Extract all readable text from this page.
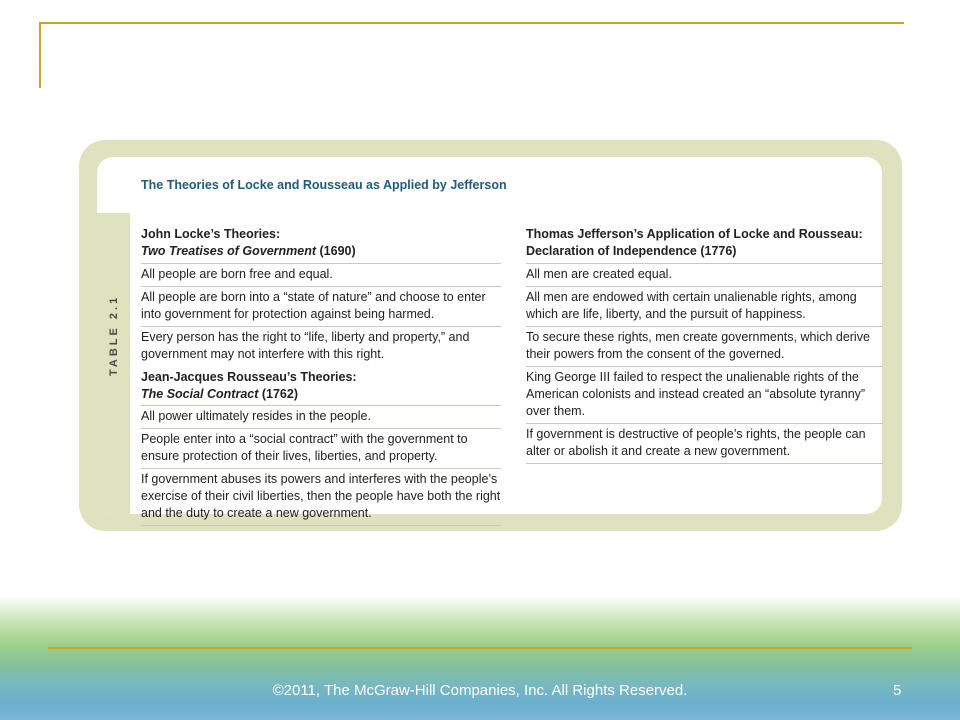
TABLE 2.1
The Theories of Locke and Rousseau as Applied by Jefferson
John Locke’s Theories:
Two Treatises of Government (1690)
All people are born free and equal.
All people are born into a “state of nature” and choose to enter into government for protection against being harmed.
Every person has the right to “life, liberty and property,” and government may not interfere with this right.
Jean-Jacques Rousseau’s Theories:
The Social Contract (1762)
All power ultimately resides in the people.
People enter into a “social contract” with the government to ensure protection of their lives, liberties, and property.
If government abuses its powers and interferes with the people’s exercise of their civil liberties, then the people have both the right and the duty to create a new government.
Thomas Jefferson’s Application of Locke and Rousseau:
Declaration of Independence (1776)
All men are created equal.
All men are endowed with certain unalienable rights, among which are life, liberty, and the pursuit of happiness.
To secure these rights, men create governments, which derive their powers from the consent of the governed.
King George III failed to respect the unalienable rights of the American colonists and instead created an “absolute tyranny” over them.
If government is destructive of people’s rights, the people can alter or abolish it and create a new government.
©2011, The McGraw-Hill Companies, Inc. All Rights Reserved.	5
